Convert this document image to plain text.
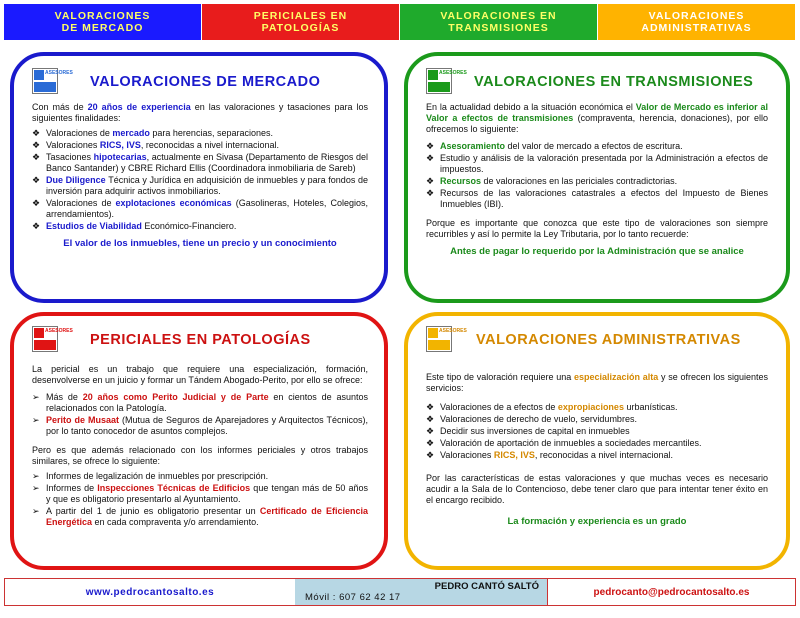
VALORACIONES
DE MERCADO
PERICIALES EN
PATOLOGÍAS
VALORACIONES EN
TRANSMISIONES
VALORACIONES
ADMINISTRATIVAS
ASESORES
VALORACIONES DE MERCADO

Con más de 20 años de experiencia en las valoraciones y tasaciones para los siguientes finalidades:

❖ Valoraciones de mercado para herencias, separaciones.
❖ Valoraciones RICS, IVS, reconocidas a nivel internacional.
❖ Tasaciones hipotecarias, actualmente en Sivasa (Departamento de Riesgos del Banco Santander) y CBRE Richard Ellis (Coordinadora inmobiliaria de Sareb)
❖ Due Diligence Técnica y Jurídica en adquisición de inmuebles y para fondos de inversión para adquirir activos inmobiliarios.
❖ Valoraciones de explotaciones económicas (Gasolineras, Hoteles, Colegios, arrendamientos).
❖ Estudios de Viabilidad Económico-Financiero.
El valor de los inmuebles, tiene un precio y un conocimiento
ASESORES
VALORACIONES EN TRANSMISIONES

En la actualidad debido a la situación económica el Valor de Mercado es inferior al Valor a efectos de transmisiones (compraventa, herencia, donaciones), por ello ofrecemos lo siguiente:

❖ Asesoramiento del valor de mercado a efectos de escritura.
❖ Estudio y análisis de la valoración presentada por la Administración a efectos de impuestos.
❖ Recursos de valoraciones en las periciales contradictorias.
❖ Recursos de las valoraciones catastrales a efectos del Impuesto de Bienes Inmuebles (IBI).

Porque es importante que conozca que este tipo de valoraciones son siempre recurribles y así lo permite la Ley Tributaria, por lo tanto recuerde:

Antes de pagar lo requerido por la Administración que se analice
ASESORES
PERICIALES EN PATOLOGÍAS

La pericial es un trabajo que requiere una especialización, formación, desenvolverse en un juicio y formar un Tándem Abogado-Perito, por ello se ofrece:

➢ Más de 20 años como Perito Judicial y de Parte en cientos de asuntos relacionados con la Patología.
➢ Perito de Musaat (Mutua de Seguros de Aparejadores y Arquitectos Técnicos), por lo tanto conocedor de asuntos complejos.

Pero es que además relacionado con los informes periciales y otros trabajos similares, se ofrece lo siguiente:

➢ Informes de legalización de inmuebles por prescripción.
➢ Informes de Inspecciones Técnicas de Edificios que tengan más de 50 años y que es obligatorio presentarlo al Ayuntamiento.
➢ A partir del 1 de junio es obligatorio presentar un Certificado de Eficiencia Energética en cada compraventa y/o arrendamiento.
ASESORES
VALORACIONES ADMINISTRATIVAS

Este tipo de valoración requiere una especialización alta y se ofrecen los siguientes servicios:

❖ Valoraciones de a efectos de expropiaciones urbanísticas.
❖ Valoraciones de derecho de vuelo, servidumbres.
❖ Decidir sus inversiones de capital en inmuebles
❖ Valoración de aportación de inmuebles a sociedades mercantiles.
❖ Valoraciones RICS, IVS, reconocidas a nivel internacional.

Por las características de estas valoraciones y que muchas veces es necesario acudir a la Sala de lo Contencioso, debe tener claro que para intentar tener éxito en el encargo recibido.

La formación y experiencia es un grado
www.pedrocantosalto.es	PEDRO CANTÓ SALTÓ
Móvil : 607 62 42 17	pedrocanto@pedrocantosalto.es
